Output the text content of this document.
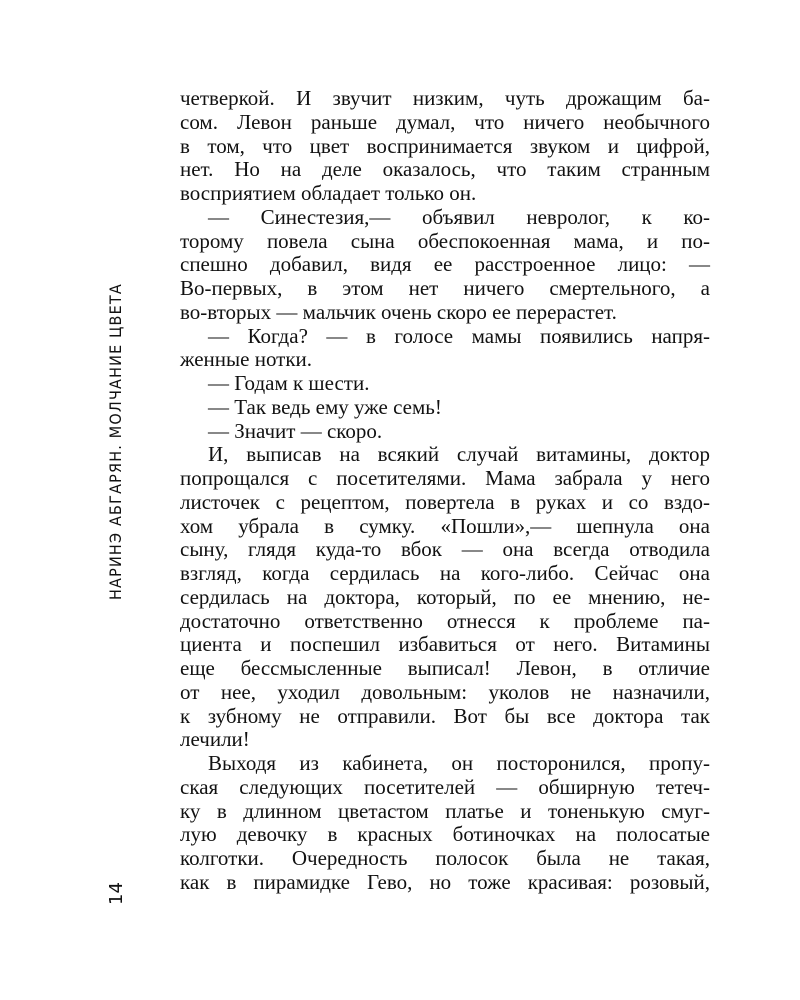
НАРИНЭ АБГАРЯН. МОЛЧАНИЕ ЦВЕТА
14
четверкой. И звучит низким, чуть дрожащим ба-
сом. Левон раньше думал, что ничего необычного
в том, что цвет воспринимается звуком и цифрой,
нет. Но на деле оказалось, что таким странным
восприятием обладает только он.
— Синестезия,— объявил невролог, к ко-
торому повела сына обеспокоенная мама, и по-
спешно добавил, видя ее расстроенное лицо: —
Во-первых, в этом нет ничего смертельного, а
во-вторых — мальчик очень скоро ее перерастет.
— Когда? — в голосе мамы появились напря-
женные нотки.
— Годам к шести.
— Так ведь ему уже семь!
— Значит — скоро.
И, выписав на всякий случай витамины, доктор
попрощался с посетителями. Мама забрала у него
листочек с рецептом, повертела в руках и со вздо-
хом убрала в сумку. «Пошли»,— шепнула она
сыну, глядя куда-то вбок — она всегда отводила
взгляд, когда сердилась на кого-либо. Сейчас она
сердилась на доктора, который, по ее мнению, не-
достаточно ответственно отнесся к проблеме па-
циента и поспешил избавиться от него. Витамины
еще бессмысленные выписал! Левон, в отличие
от нее, уходил довольным: уколов не назначили,
к зубному не отправили. Вот бы все доктора так
лечили!
Выходя из кабинета, он посторонился, пропу-
ская следующих посетителей — обширную тетеч-
ку в длинном цветастом платье и тоненькую смуг-
лую девочку в красных ботиночках на полосатые
колготки. Очередность полосок была не такая,
как в пирамидке Гево, но тоже красивая: розовый,
